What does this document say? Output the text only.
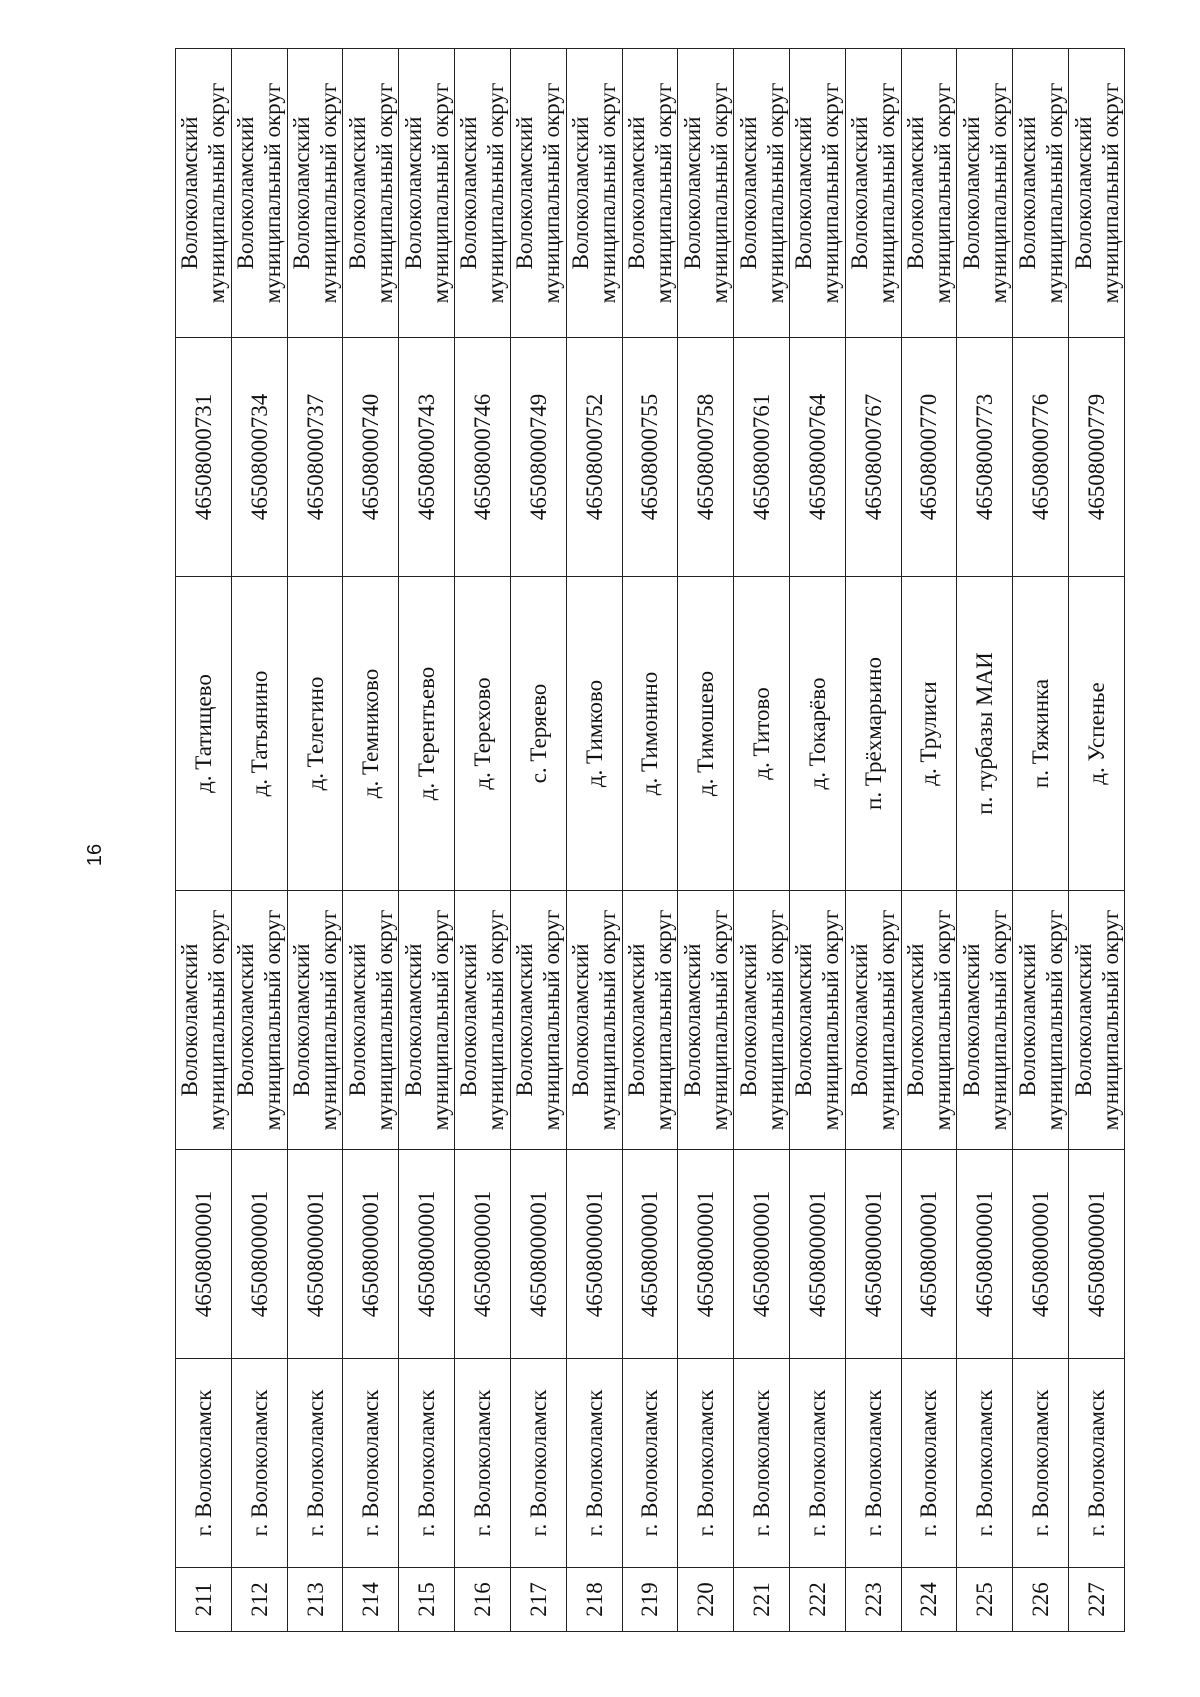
16
211	г. Волоколамск	46508000001	Волоколамский муниципальный округ	д. Татищево	46508000731	Волоколамский муниципальный округ

212	г. Волоколамск	46508000001	Волоколамский муниципальный округ	д. Татьянино	46508000734	Волоколамский муниципальный округ

213	г. Волоколамск	46508000001	Волоколамский муниципальный округ	д. Телегино	46508000737	Волоколамский муниципальный округ

214	г. Волоколамск	46508000001	Волоколамский муниципальный округ	д. Темниково	46508000740	Волоколамский муниципальный округ

215	г. Волоколамск	46508000001	Волоколамский муниципальный округ	д. Терентьево	46508000743	Волоколамский муниципальный округ

216	г. Волоколамск	46508000001	Волоколамский муниципальный округ	д. Терехово	46508000746	Волоколамский муниципальный округ

217	г. Волоколамск	46508000001	Волоколамский муниципальный округ	с. Теряево	46508000749	Волоколамский муниципальный округ

218	г. Волоколамск	46508000001	Волоколамский муниципальный округ	д. Тимково	46508000752	Волоколамский муниципальный округ

219	г. Волоколамск	46508000001	Волоколамский муниципальный округ	д. Тимонино	46508000755	Волоколамский муниципальный округ

220	г. Волоколамск	46508000001	Волоколамский муниципальный округ	д. Тимошево	46508000758	Волоколамский муниципальный округ

221	г. Волоколамск	46508000001	Волоколамский муниципальный округ	д. Титово	46508000761	Волоколамский муниципальный округ

222	г. Волоколамск	46508000001	Волоколамский муниципальный округ	д. Токарёво	46508000764	Волоколамский муниципальный округ

223	г. Волоколамск	46508000001	Волоколамский муниципальный округ	п. Трёхмарьино	46508000767	Волоколамский муниципальный округ

224	г. Волоколамск	46508000001	Волоколамский муниципальный округ	д. Трулиси	46508000770	Волоколамский муниципальный округ

225	г. Волоколамск	46508000001	Волоколамский муниципальный округ	п. турбазы МАИ	46508000773	Волоколамский муниципальный округ

226	г. Волоколамск	46508000001	Волоколамский муниципальный округ	п. Тяжинка	46508000776	Волоколамский муниципальный округ

227	г. Волоколамск	46508000001	Волоколамский муниципальный округ	д. Успенье	46508000779	Волоколамский муниципальный округ
